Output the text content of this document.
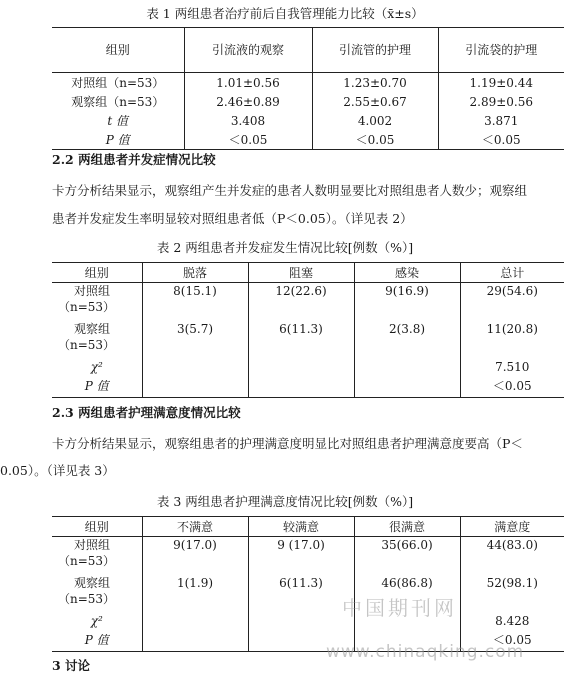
表 1 两组患者治疗前后自我管理能力比较（x̄±s）
组别	引流液的观察	引流管的护理	引流袋的护理
对照组（n=53）	1.01±0.56	1.23±0.70	1.19±0.44
观察组（n=53）	2.46±0.89	2.55±0.67	2.89±0.56
t 值	3.408	4.002	3.871
P 值	＜0.05	＜0.05	＜0.05
2.2 两组患者并发症情况比较
卡方分析结果显示，观察组产生并发症的患者人数明显要比对照组患者人数少；观察组
患者并发症发生率明显较对照组患者低（P＜0.05）。（详见表 2）
表 2 两组患者并发症发生情况比较[例数（%）]
组别	脱落	阻塞	感染	总计

对照组
（n=53）	8(15.1)	12(22.6)	9(16.9)	29(54.6)

观察组
（n=53）	3(5.7)	6(11.3)	2(3.8)	11(20.8)
χ²				7.510
P 值				＜0.05
2.3 两组患者护理满意度情况比较
卡方分析结果显示，观察组患者的护理满意度明显比对照组患者护理满意度要高（P＜
0.05）。（详见表 3）
表 3 两组患者护理满意度情况比较[例数（%）]
组别	不满意	较满意	很满意	满意度

对照组
（n=53）	9(17.0)	9 (17.0)	35(66.0)	44(83.0)

观察组
（n=53）	1(1.9)	6(11.3)	46(86.8)	52(98.1)
χ²				8.428
P 值				＜0.05
3 讨论
中国期刊网
www.chinaqking.com
